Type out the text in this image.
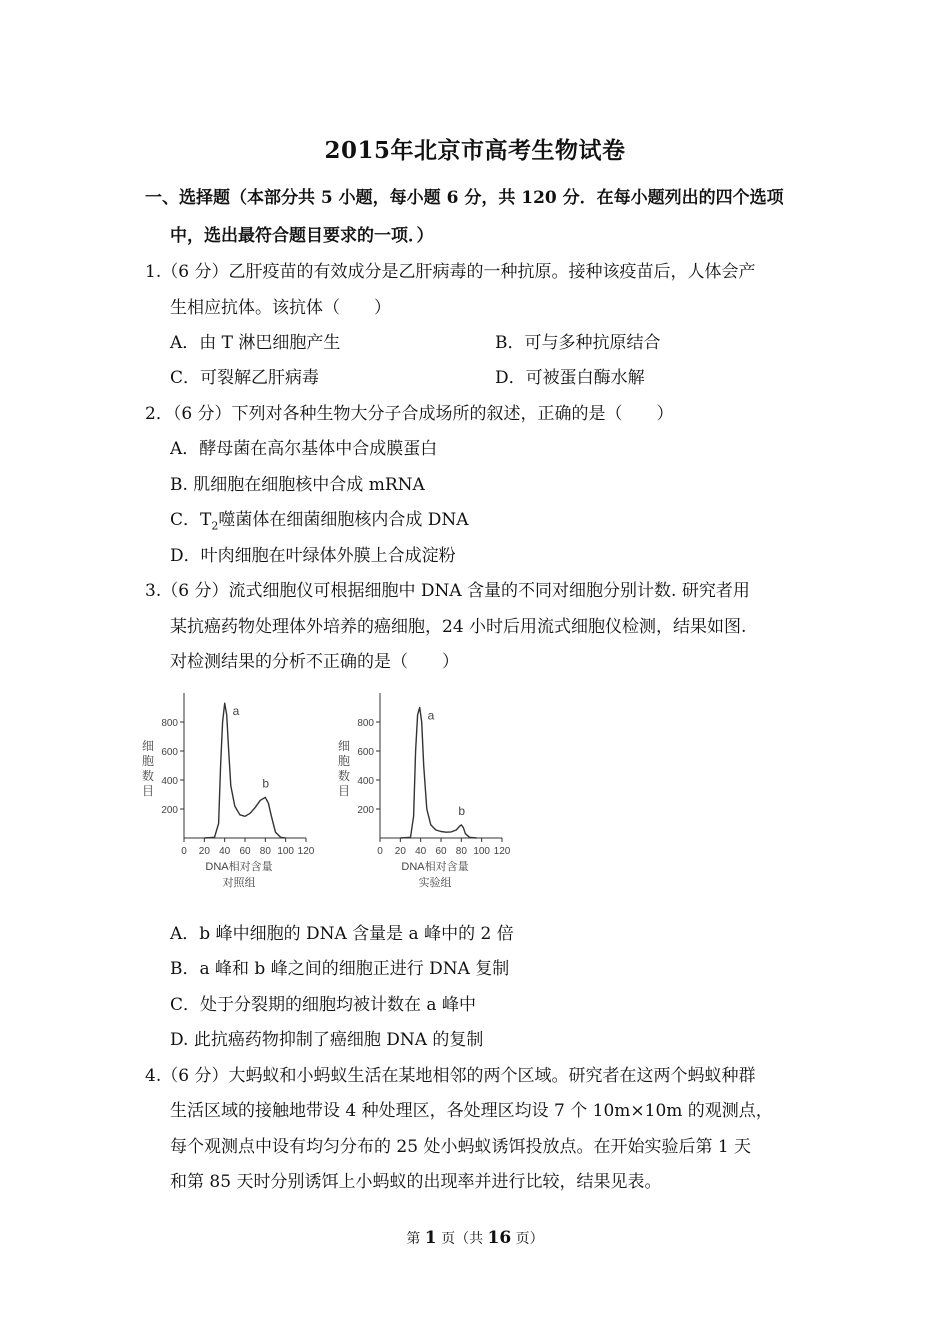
2015年北京市高考生物试卷
一、选择题（本部分共 5 小题，每小题 6 分，共 120 分．在每小题列出的四个选项
中，选出最符合题目要求的一项．）
1.（6 分）乙肝疫苗的有效成分是乙肝病毒的一种抗原。接种该疫苗后，人体会产
生相应抗体。该抗体（　　）
A．由 T 淋巴细胞产生	B．可与多种抗原结合
C．可裂解乙肝病毒	D．可被蛋白酶水解
2．（6 分）下列对各种生物大分子合成场所的叙述，正确的是（　　）
A．酵母菌在高尔基体中合成膜蛋白
B. 肌细胞在细胞核中合成 mRNA
C．$T_2$噬菌体在细菌细胞核内合成 DNA
D．叶肉细胞在叶绿体外膜上合成淀粉
3.（6 分）流式细胞仪可根据细胞中 DNA 含量的不同对细胞分别计数. 研究者用
某抗癌药物处理体外培养的癌细胞，24 小时后用流式细胞仪检测，结果如图.
对检测结果的分析不正确的是（　　）
200
400
600
800
0 20 40 60 80 100 120
a
b
细
胞
数
目
DNA相对含量
对照组
200
400
600
800
0 20 40 60 80 100 120
a
b
细
胞
数
目
DNA相对含量
实验组
A．b 峰中细胞的 DNA 含量是 a 峰中的 2 倍
B．a 峰和 b 峰之间的细胞正进行 DNA 复制
C．处于分裂期的细胞均被计数在 a 峰中
D. 此抗癌药物抑制了癌细胞 DNA 的复制
4.（6 分）大蚂蚁和小蚂蚁生活在某地相邻的两个区域。研究者在这两个蚂蚁种群
生活区域的接触地带设 4 种处理区，各处理区均设 7 个 10m×10m 的观测点，
每个观测点中设有均匀分布的 25 处小蚂蚁诱饵投放点。在开始实验后第 1 天
和第 85 天时分别诱饵上小蚂蚁的出现率并进行比较，结果见表。
第 1 页（共 16 页）
